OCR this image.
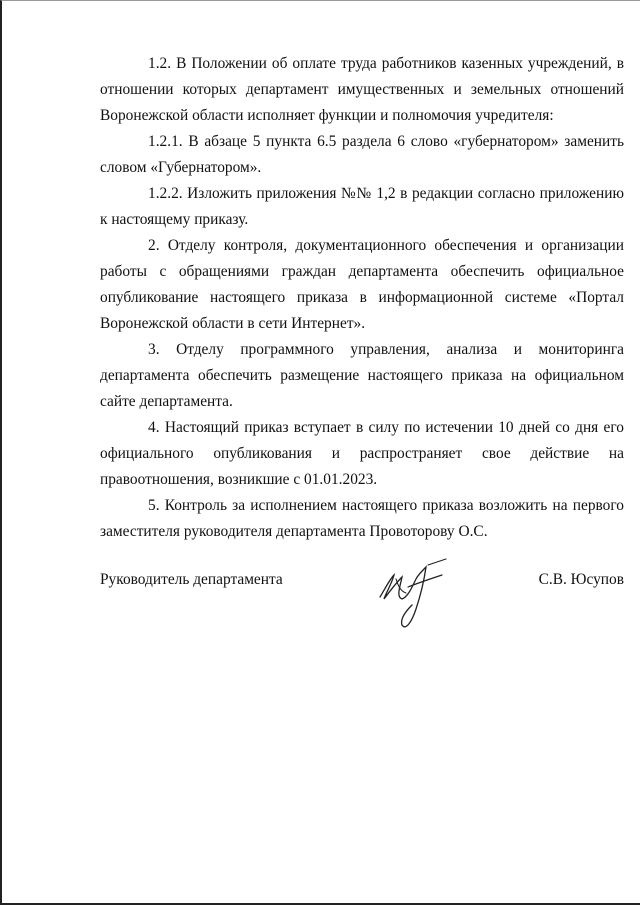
1.2. В Положении об оплате труда работников казенных учреждений, в
отношении которых департамент имущественных и земельных отношений
Воронежской области исполняет функции и полномочия учредителя:
1.2.1. В абзаце 5 пункта 6.5 раздела 6 слово «губернатором» заменить
словом «Губернатором».
1.2.2. Изложить приложения №№ 1,2 в редакции согласно приложению
к настоящему приказу.
2. Отделу контроля, документационного обеспечения и организации
работы с обращениями граждан департамента обеспечить официальное
опубликование настоящего приказа в информационной системе «Портал
Воронежской области в сети Интернет».
3. Отделу программного управления, анализа и мониторинга
департамента обеспечить размещение настоящего приказа на официальном
сайте департамента.
4. Настоящий приказ вступает в силу по истечении 10 дней со дня его
официального опубликования и распространяет свое действие на
правоотношения, возникшие с 01.01.2023.
5. Контроль за исполнением настоящего приказа возложить на первого
заместителя руководителя департамента Провоторову О.С.
Руководитель департамента	С.В. Юсупов
